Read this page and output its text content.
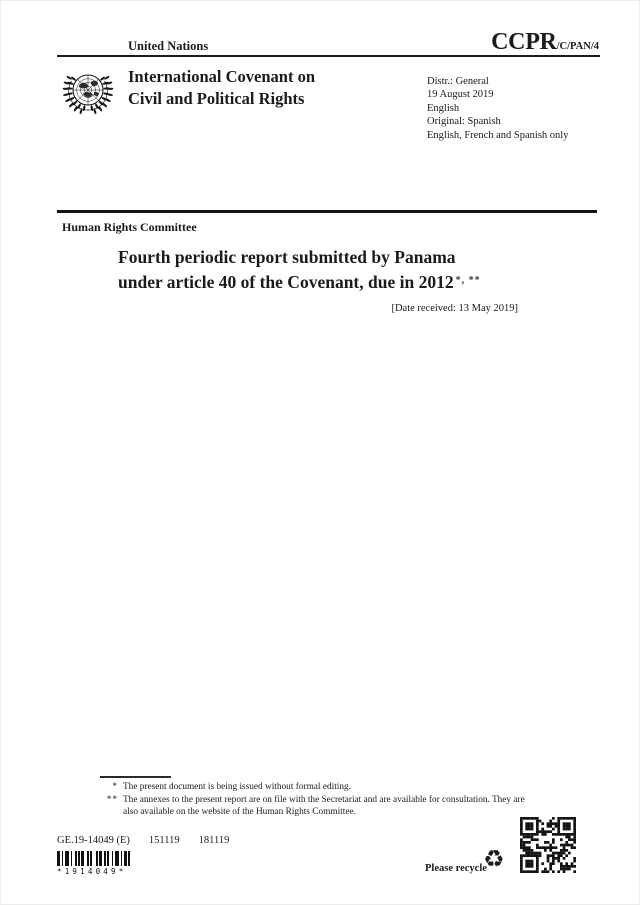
United Nations	CCPR/C/PAN/4
International Covenant on
Civil and Political Rights
Distr.: General
19 August 2019
English
Original: Spanish
English, French and Spanish only
Human Rights Committee
Fourth periodic report submitted by Panama
under article 40 of the Covenant, due in 2012 *, **
[Date received: 13 May 2019]
* The present document is being issued without formal editing.
** The annexes to the present report are on file with the Secretariat and are available for consultation. They are also available on the website of the Human Rights Committee.
GE.19-14049 (E) 151119 181119
*1914049*	Please recycle
♻
